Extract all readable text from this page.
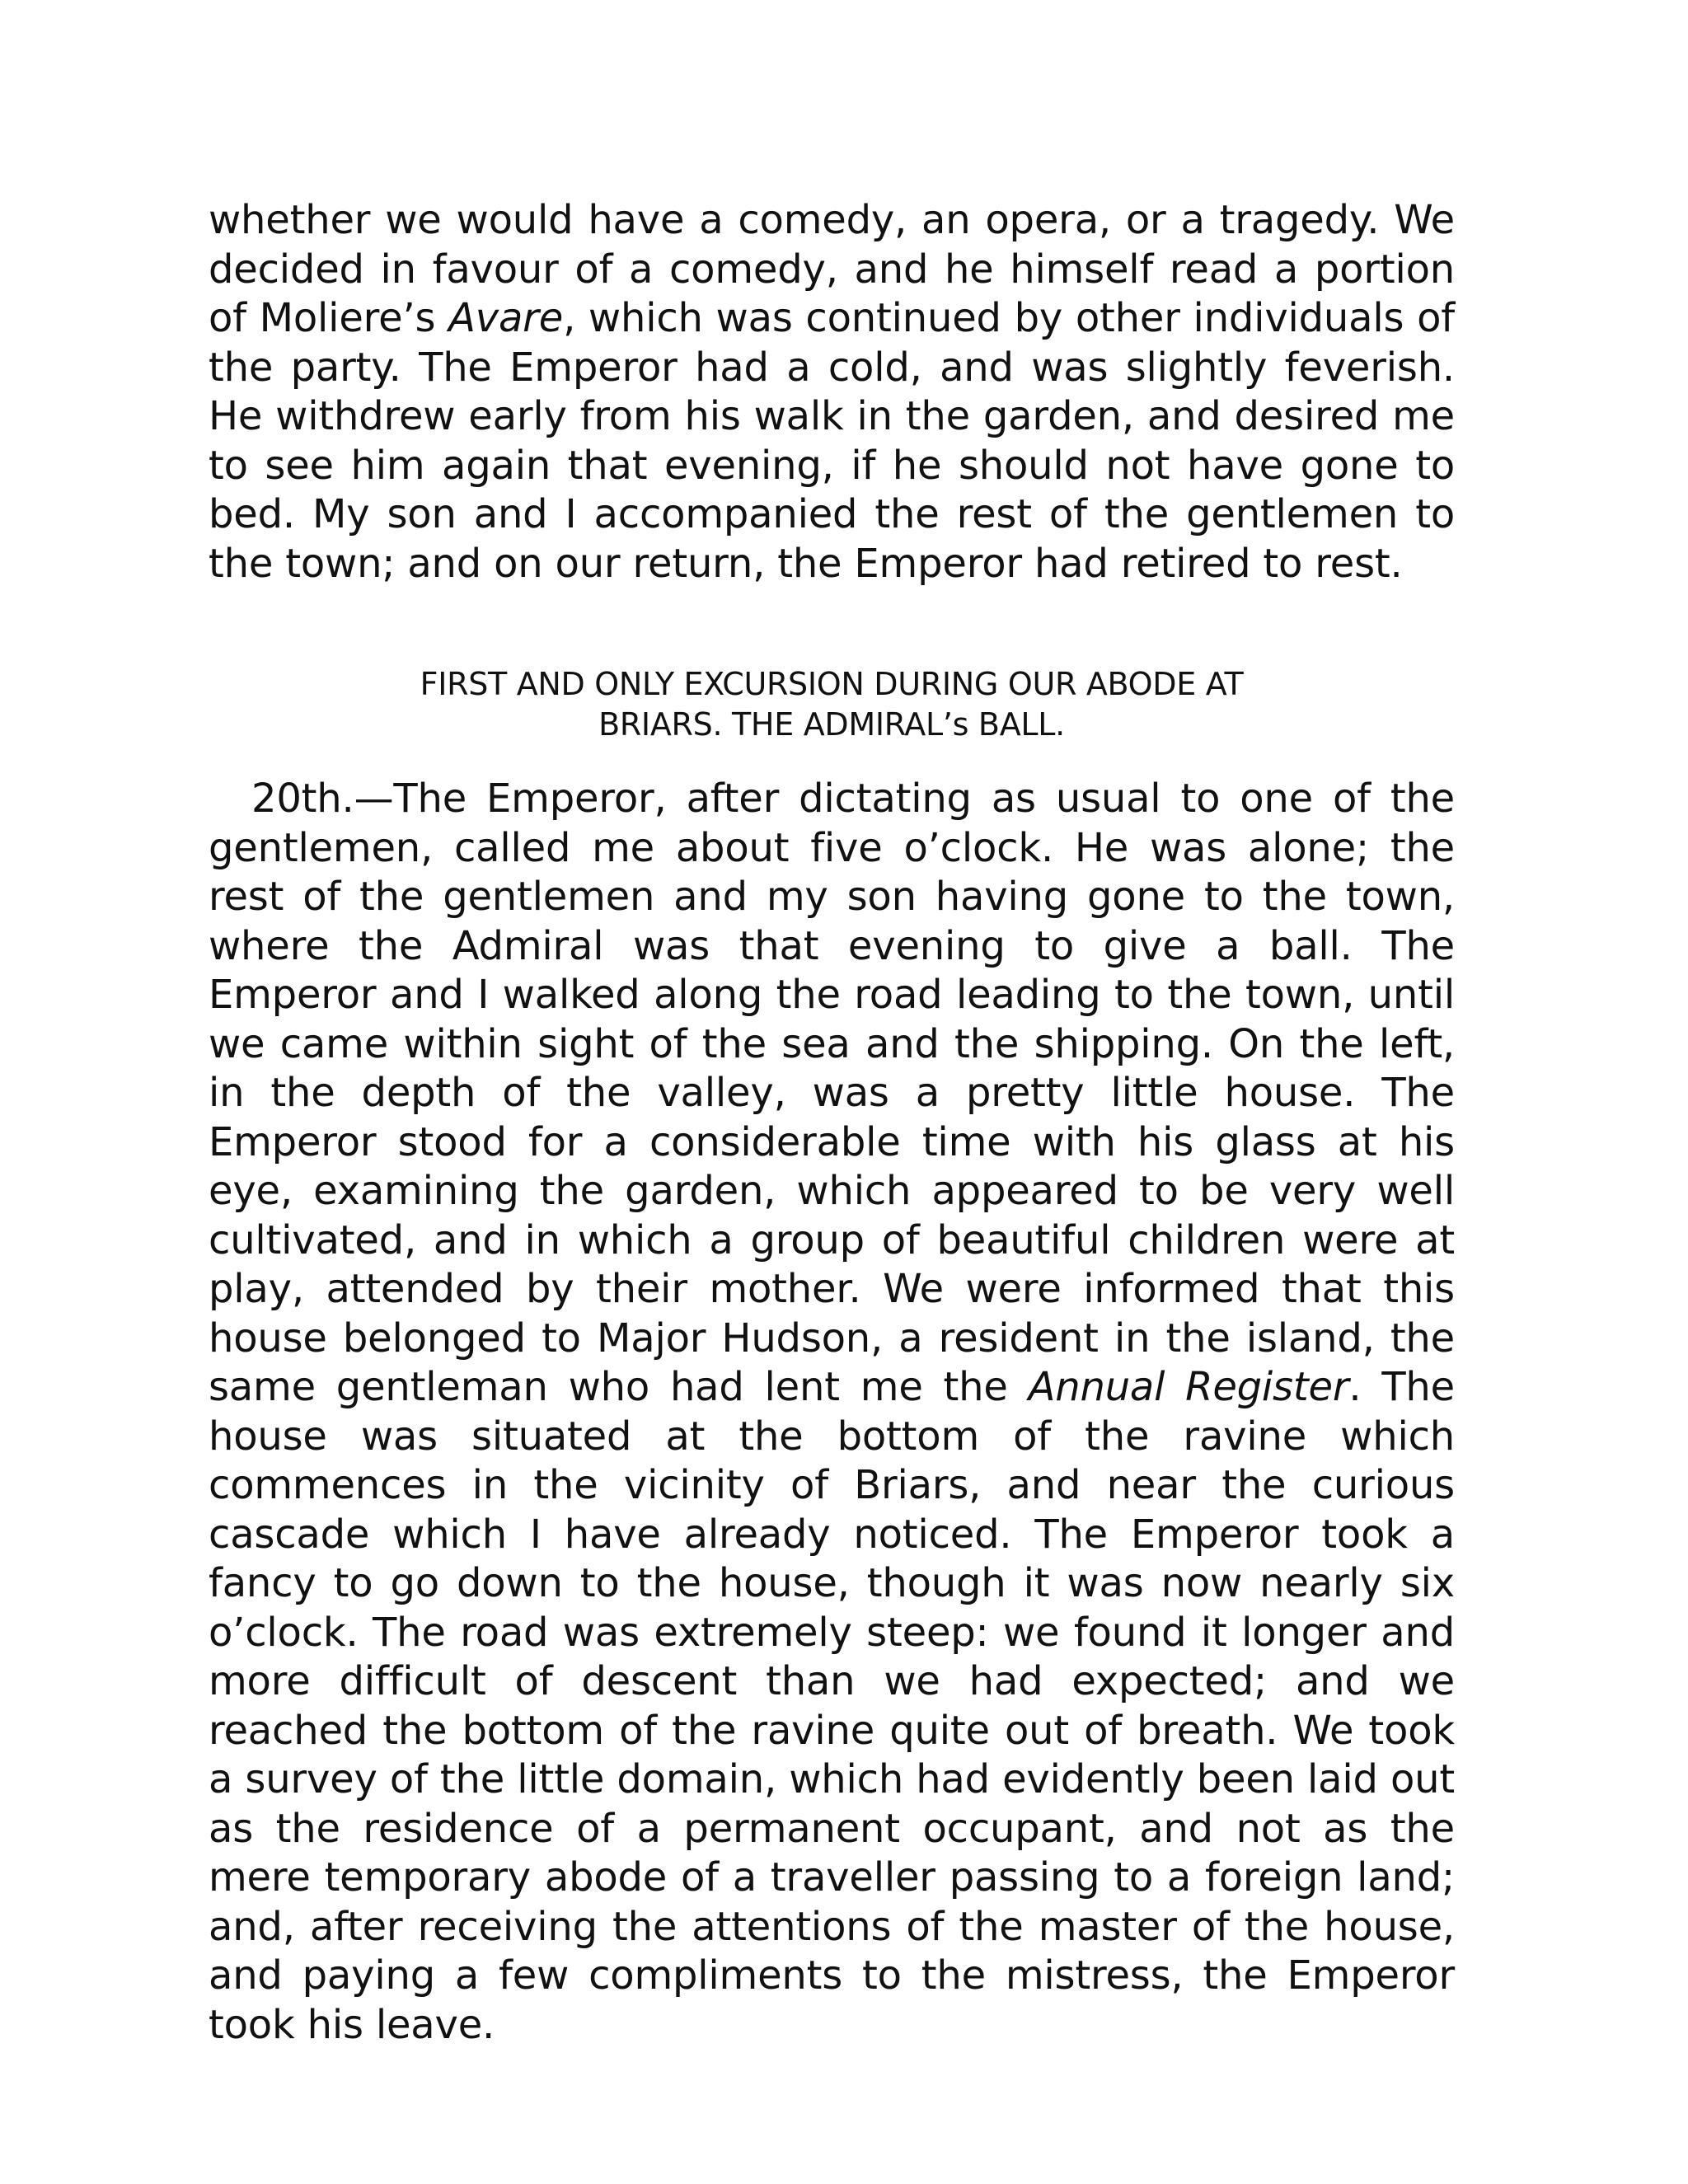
whether we would have a comedy, an opera, or a tragedy. We decided in favour of a comedy, and he himself read a portion of Moliere’s Avare, which was continued by other individuals of the party. The Emperor had a cold, and was slightly feverish. He withdrew early from his walk in the garden, and desired me to see him again that evening, if he should not have gone to bed. My son and I accompanied the rest of the gentlemen to the town; and on our return, the Emperor had retired to rest.

FIRST AND ONLY EXCURSION DURING OUR ABODE AT

BRIARS. THE ADMIRAL’s BALL.

20th.—The Emperor, after dictating as usual to one of the gentlemen, called me about five o’clock. He was alone; the rest of the gentlemen and my son having gone to the town, where the Admiral was that evening to give a ball. The Emperor and I walked along the road leading to the town, until we came within sight of the sea and the shipping. On the left, in the depth of the valley, was a pretty little house. The Emperor stood for a considerable time with his glass at his eye, examining the garden, which appeared to be very well cultivated, and in which a group of beautiful children were at play, attended by their mother. We were informed that this house belonged to Major Hudson, a resident in the island, the same gentleman who had lent me the Annual Register. The house was situated at the bottom of the ravine which commences in the vicinity of Briars, and near the curious cascade which I have already noticed. The Emperor took a fancy to go down to the house, though it was now nearly six o’clock. The road was extremely steep: we found it longer and more difficult of descent than we had expected; and we reached the bottom of the ravine quite out of breath. We took a survey of the little domain, which had evidently been laid out as the residence of a permanent occupant, and not as the mere temporary abode of a traveller passing to a foreign land; and, after receiving the attentions of the master of the house, and paying a few compliments to the mistress, the Emperor took his leave.
